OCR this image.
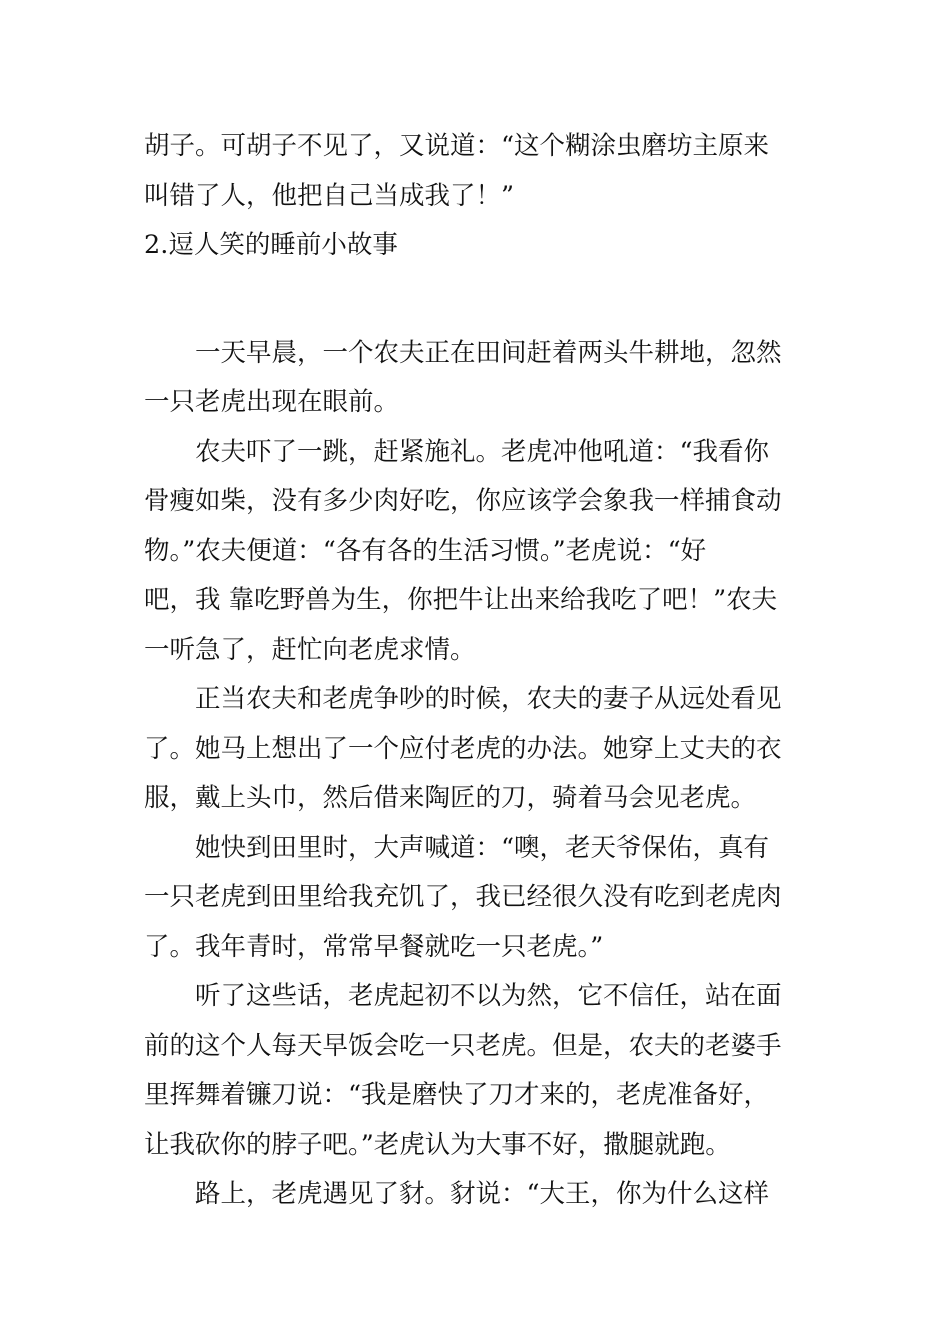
胡子。可胡子不见了，又说道：“这个糊涂虫磨坊主原来
叫错了人，他把自己当成我了！”
2.逗人笑的睡前小故事
　　一天早晨，一个农夫正在田间赶着两头牛耕地，忽然
一只老虎出现在眼前。
　　农夫吓了一跳，赶紧施礼。老虎冲他吼道：“我看你
骨瘦如柴，没有多少肉好吃，你应该学会象我一样捕食动
物。”农夫便道：“各有各的生活习惯。”老虎说：“好
吧，我 靠吃野兽为生，你把牛让出来给我吃了吧！”农夫
一听急了，赶忙向老虎求情。
　　正当农夫和老虎争吵的时候，农夫的妻子从远处看见
了。她马上想出了一个应付老虎的办法。她穿上丈夫的衣
服，戴上头巾，然后借来陶匠的刀，骑着马会见老虎。
　　她快到田里时，大声喊道：“噢，老天爷保佑，真有
一只老虎到田里给我充饥了，我已经很久没有吃到老虎肉
了。我年青时，常常早餐就吃一只老虎。”
　　听了这些话，老虎起初不以为然，它不信任，站在面
前的这个人每天早饭会吃一只老虎。但是，农夫的老婆手
里挥舞着镰刀说：“我是磨快了刀才来的，老虎准备好，
让我砍你的脖子吧。”老虎认为大事不好，撒腿就跑。
　　路上，老虎遇见了豺。豺说：“大王，你为什么这样
